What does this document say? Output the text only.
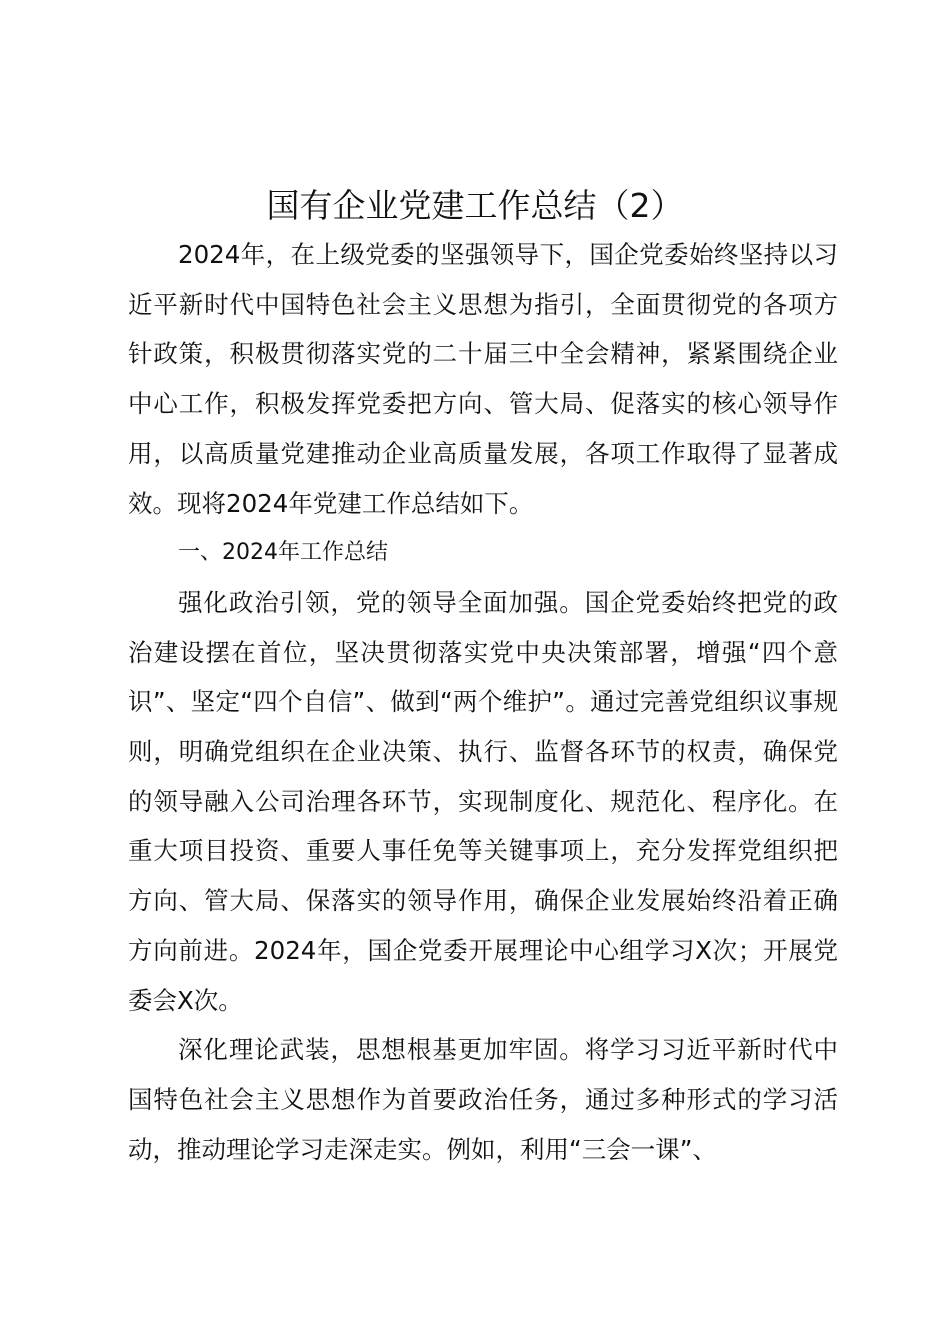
国有企业党建工作总结（2）

2024年，在上级党委的坚强领导下，国企党委始终坚持以习近平新时代中国特色社会主义思想为指引，全面贯彻党的各项方针政策，积极贯彻落实党的二十届三中全会精神，紧紧围绕企业中心工作，积极发挥党委把方向、管大局、促落实的核心领导作用，以高质量党建推动企业高质量发展，各项工作取得了显著成效。现将2024年党建工作总结如下。

一、2024年工作总结

强化政治引领，党的领导全面加强。国企党委始终把党的政治建设摆在首位，坚决贯彻落实党中央决策部署，增强“四个意识”、坚定“四个自信”、做到“两个维护”。通过完善党组织议事规则，明确党组织在企业决策、执行、监督各环节的权责，确保党的领导融入公司治理各环节，实现制度化、规范化、程序化。在重大项目投资、重要人事任免等关键事项上，充分发挥党组织把方向、管大局、保落实的领导作用，确保企业发展始终沿着正确方向前进。2024年，国企党委开展理论中心组学习X次；开展党委会X次。

深化理论武装，思想根基更加牢固。将学习习近平新时代中国特色社会主义思想作为首要政治任务，通过多种形式的学习活动，推动理论学习走深走实。例如，利用“三会一课”、
